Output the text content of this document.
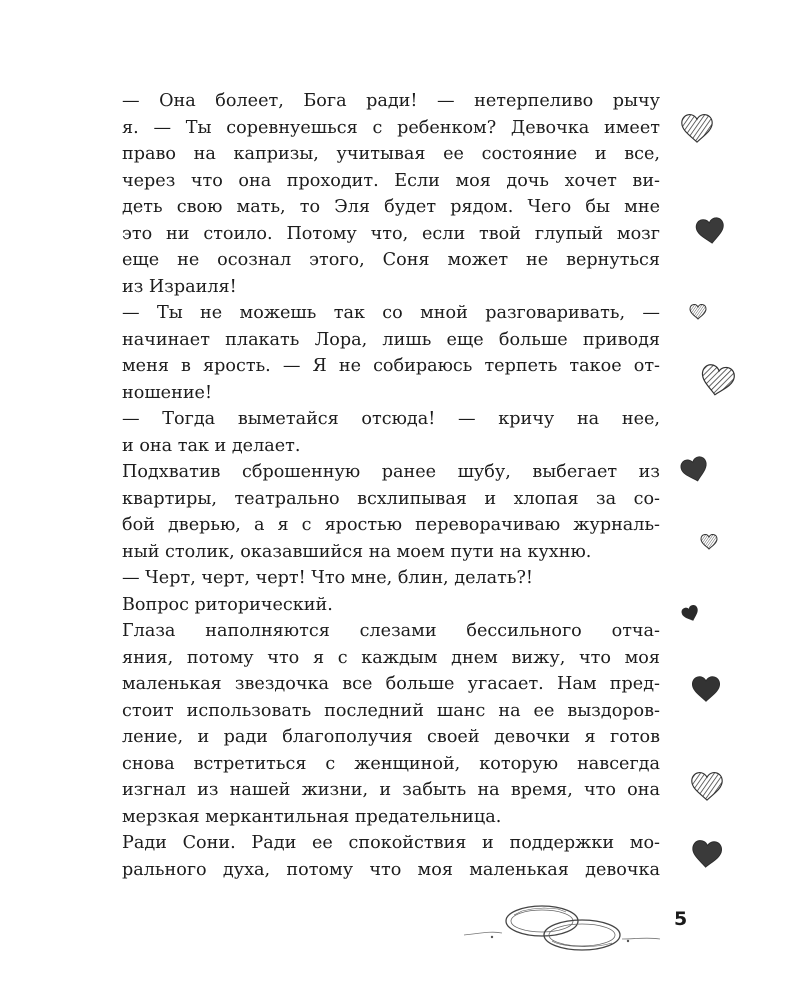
— Она болеет, Бога ради! — нетерпеливо рычу
я. — Ты соревнуешься с ребенком? Девочка имеет
право на капризы, учитывая ее состояние и все,
через что она проходит. Если моя дочь хочет ви-
деть свою мать, то Эля будет рядом. Чего бы мне
это ни стоило. Потому что, если твой глупый мозг
еще не осознал этого, Соня может не вернуться
из Израиля!
— Ты не можешь так со мной разговаривать, —
начинает плакать Лора, лишь еще больше приводя
меня в ярость. — Я не собираюсь терпеть такое от-
ношение!
— Тогда выметайся отсюда! — кричу на нее,
и она так и делает.
Подхватив сброшенную ранее шубу, выбегает из
квартиры, театрально всхлипывая и хлопая за со-
бой дверью, а я с яростью переворачиваю журналь-
ный столик, оказавшийся на моем пути на кухню.
— Черт, черт, черт! Что мне, блин, делать?!
Вопрос риторический.
Глаза наполняются слезами бессильного отча-
яния, потому что я с каждым днем вижу, что моя
маленькая звездочка все больше угасает. Нам пред-
стоит использовать последний шанс на ее выздоров-
ление, и ради благополучия своей девочки я готов
снова встретиться с женщиной, которую навсегда
изгнал из нашей жизни, и забыть на время, что она
мерзкая меркантильная предательница.
Ради Сони. Ради ее спокойствия и поддержки мо-
рального духа, потому что моя маленькая девочка
5
